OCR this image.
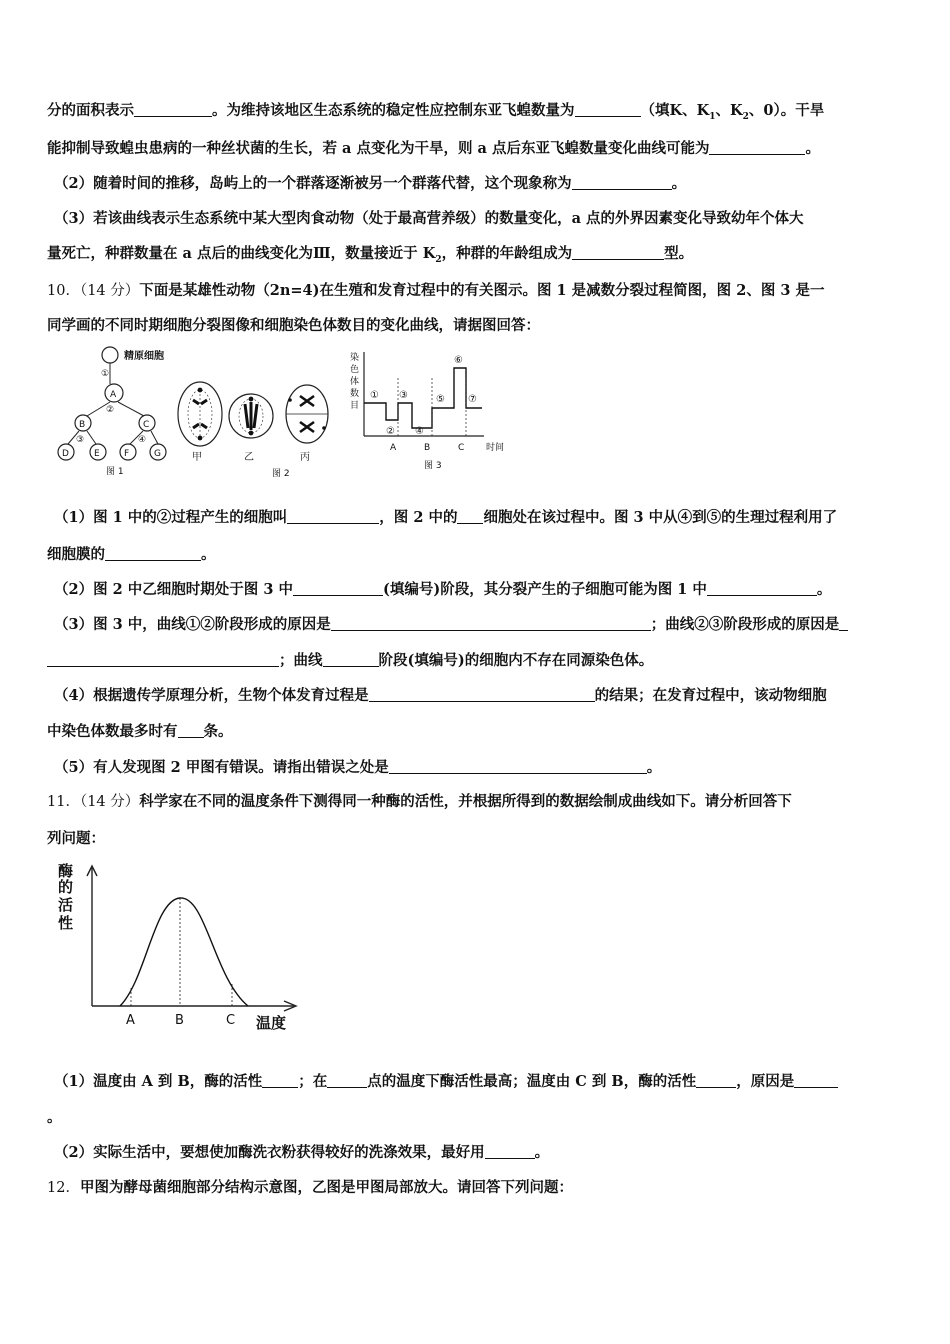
分的面积表示	。为维持该地区生态系统的稳定性应控制东亚飞蝗数量为	（填K、$K_1$、$K_2$、0）。干旱
能抑制导致蝗虫患病的一种丝状菌的生长，若 a 点变化为干旱，则 a 点后东亚飞蝗数量变化曲线可能为	。
（2）随着时间的推移，岛屿上的一个群落逐渐被另一个群落代替，这个现象称为	。
（3）若该曲线表示生态系统中某大型肉食动物（处于最高营养级）的数量变化，a 点的外界因素变化导致幼年个体大
量死亡，种群数量在 a 点后的曲线变化为Ⅲ，数量接近于 $K_2$，种群的年龄组成为	型。
10．（14 分）下面是某雄性动物（2n=4)在生殖和发育过程中的有关图示。图 1 是减数分裂过程简图，图 2、图 3 是一
同学画的不同时期细胞分裂图像和细胞染色体数目的变化曲线，请据图回答：
精原细胞
①
A
②
B	C
③	④
D	E	F	G
图 1
甲	乙	丙
图 2
染
色
体
数
目
①
②
③
④
⑤
⑥
⑦
A	B	C 时间
图 3
（1）图 1 中的②过程产生的细胞叫	，图 2 中的 细胞处在该过程中。图 3 中从④到⑤的生理过程利用了
细胞膜的	。
（2）图 2 中乙细胞时期处于图 3 中	(填编号)阶段，其分裂产生的子细胞可能为图 1 中	。
（3）图 3 中，曲线①②阶段形成的原因是	；曲线②③阶段形成的原因是
；曲线	阶段(填编号)的细胞内不存在同源染色体。
（4）根据遗传学原理分析，生物个体发育过程是	的结果；在发育过程中，该动物细胞
中染色体数最多时有 条。
（5）有人发现图 2 甲图有错误。请指出错误之处是	。
11．（14 分）科学家在不同的温度条件下测得同一种酶的活性，并根据所得到的数据绘制成曲线如下。请分析回答下
列问题：
酶
的
活
性
A	B	C 温度
（1）温度由 A 到 B，酶的活性 ；在	点的温度下酶活性最高；温度由 C 到 B，酶的活性	，原因是
。
（2）实际生活中，要想使加酶洗衣粉获得较好的洗涤效果，最好用	。
12．甲图为酵母菌细胞部分结构示意图，乙图是甲图局部放大。请回答下列问题：
